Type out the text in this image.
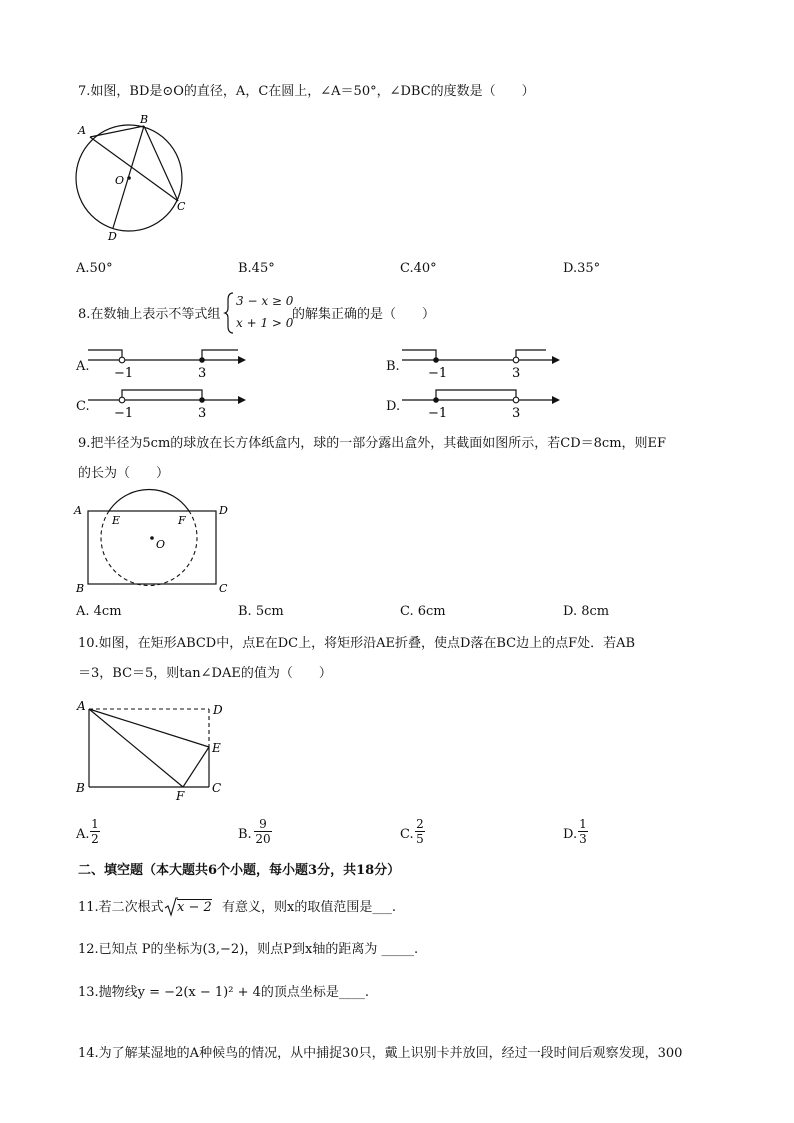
7.如图，BD是⊙O的直径，A，C在圆上，∠A＝50°，∠DBC的度数是（　　）
A
B
C
D
O
A.50°	B.45°	C.40°	D.35°
8.在数轴上表示不等式组
3 − x ≥ 0
x + 1 > 0
的解集正确的是（　　）
A. −1	3	B. −1	3
C. −1	3	D. −1	3
9.把半径为5cm的球放在长方体纸盒内，球的一部分露出盒外，其截面如图所示，若CD＝8cm，则EF
的长为（　　）
A	D
E	F
O
B	C
A. 4cm	B. 5cm	C. 6cm	D. 8cm
10.如图，在矩形ABCD中，点E在DC上，将矩形沿AE折叠，使点D落在BC边上的点F处．若AB
＝3，BC＝5，则tan∠DAE的值为（　　）
A	D
E
B	C
F
A.
1
2	B.
9
20	C.
2
5	D.
1
3
二、填空题（本大题共6个小题，每小题3分，共18分）
11.若二次根式 x − 2 有意义，则x的取值范围是___.
12.已知点 P的坐标为(3,−2)，则点P到x轴的距离为 _____.
13.抛物线y = −2(x − 1)² + 4的顶点坐标是____.
14.为了解某湿地的A种候鸟的情况，从中捕捉30只，戴上识别卡并放回，经过一段时间后观察发现，300
